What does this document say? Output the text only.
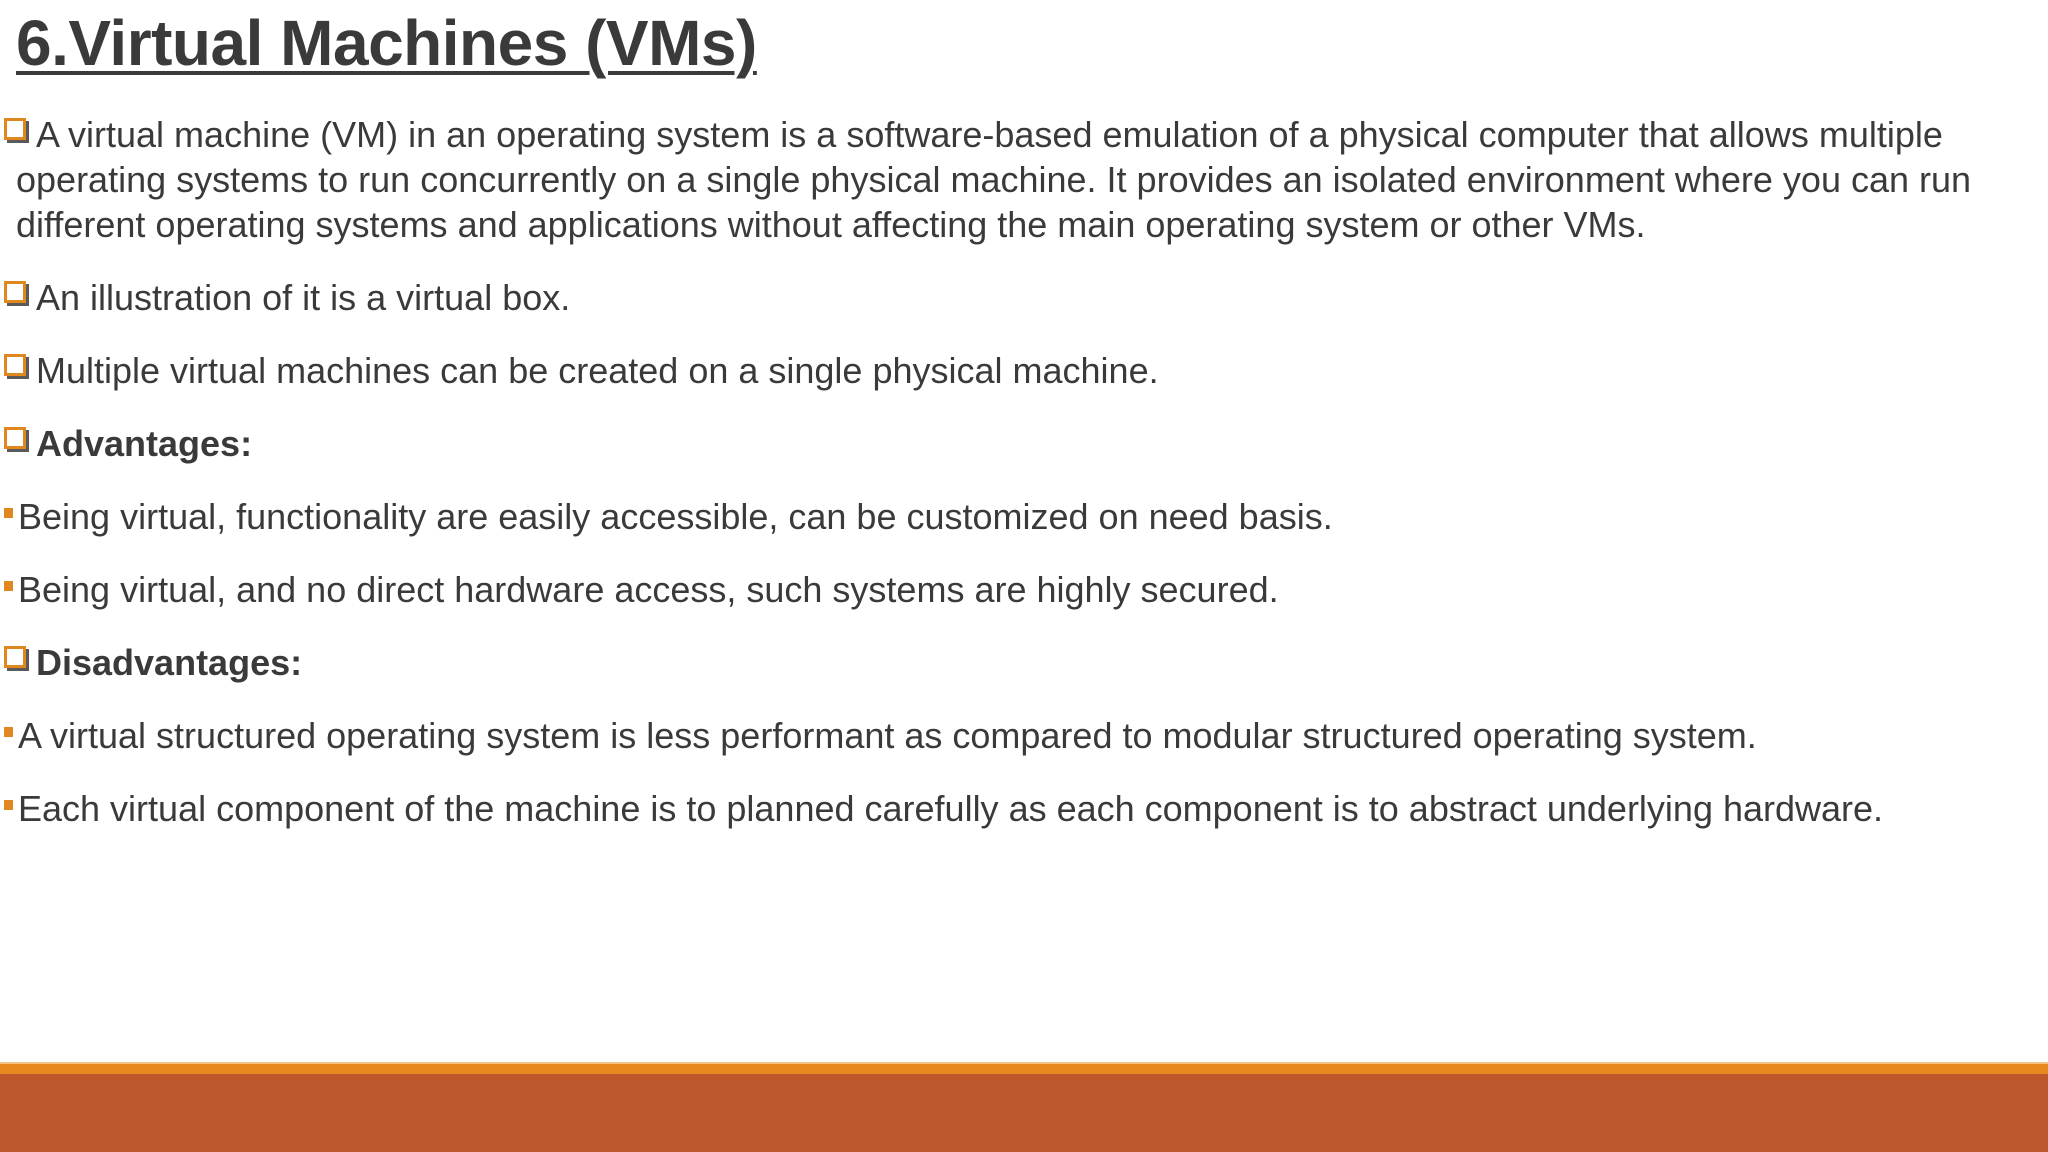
6.Virtual Machines (VMs)

A virtual machine (VM) in an operating system is a software-based emulation of a physical computer that allows multiple operating systems to run concurrently on a single physical machine. It provides an isolated environment where you can run different operating systems and applications without affecting the main operating system or other VMs.

An illustration of it is a virtual box.

Multiple virtual machines can be created on a single physical machine.

Advantages:

Being virtual, functionality are easily accessible, can be customized on need basis.

Being virtual, and no direct hardware access, such systems are highly secured.

Disadvantages:

A virtual structured operating system is less performant as compared to modular structured operating system.

Each virtual component of the machine is to planned carefully as each component is to abstract underlying hardware.
